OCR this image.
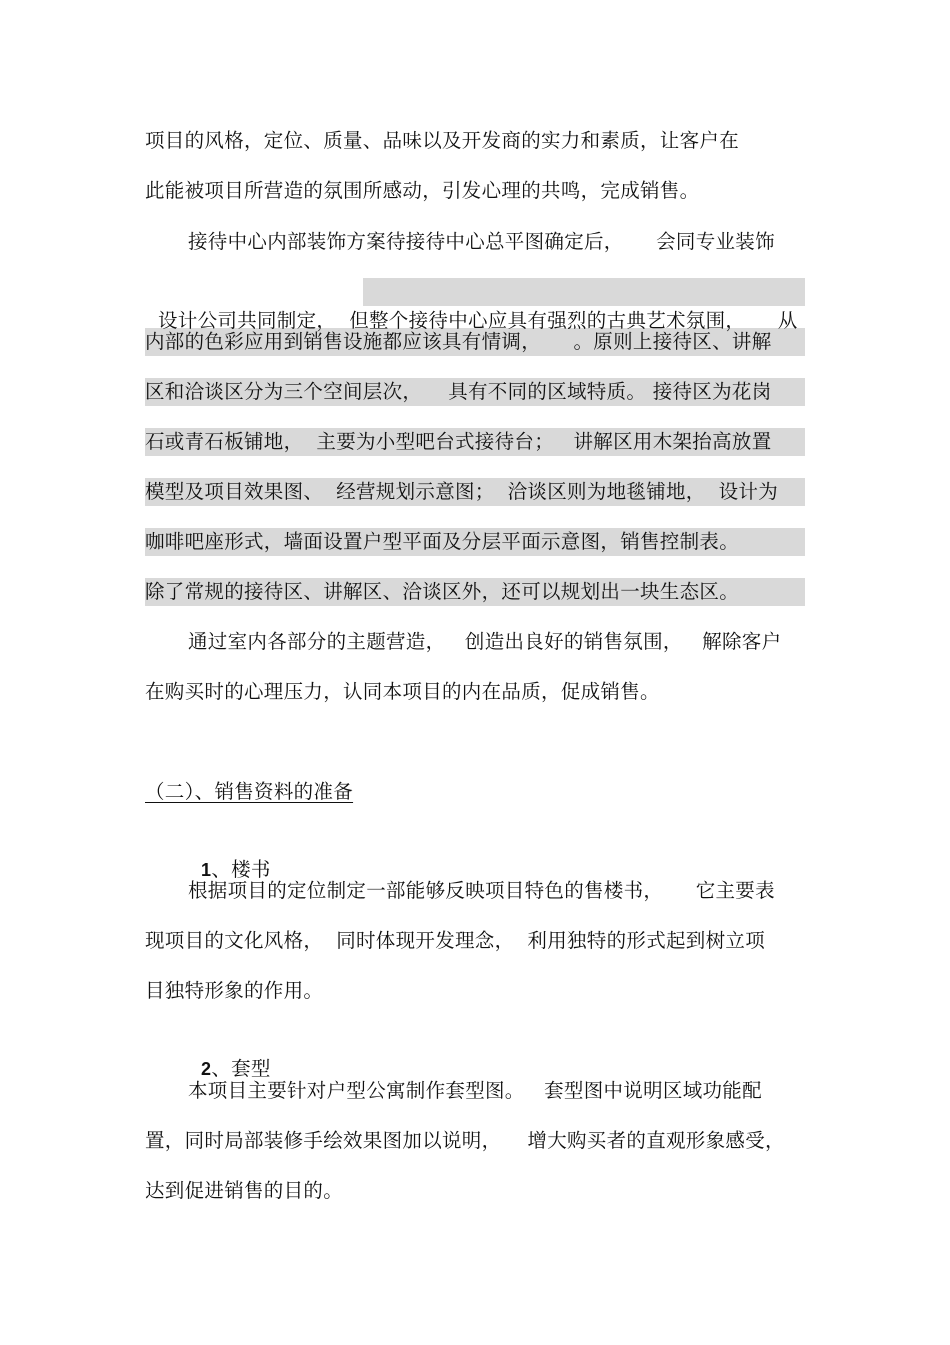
项目的风格，定位、质量、品味以及开发商的实力和素质，让客户在
此能被项目所营造的氛围所感动，引发心理的共鸣，完成销售。
接待中心内部装饰方案待接待中心总平图确定后，     会同专业装饰

设计公司共同制定，  但整个接待中心应具有强烈的古典艺术氛围，     从

内部的色彩应用到销售设施都应该具有情调，     。原则上接待区、讲解
区和洽谈区分为三个空间层次，    具有不同的区域特质。 接待区为花岗
石或青石板铺地，  主要为小型吧台式接待台；   讲解区用木架抬高放置
模型及项目效果图、  经营规划示意图；  洽谈区则为地毯铺地，  设计为
咖啡吧座形式，墙面设置户型平面及分层平面示意图，销售控制表。
除了常规的接待区、讲解区、洽谈区外，还可以规划出一块生态区。
通过室内各部分的主题营造，   创造出良好的销售氛围，   解除客户
在购买时的心理压力，认同本项目的内在品质，促成销售。
（二）、销售资料的准备

1、楼书

根据项目的定位制定一部能够反映项目特色的售楼书，     它主要表
现项目的文化风格，  同时体现开发理念，  利用独特的形式起到树立项
目独特形象的作用。

2、套型

本项目主要针对户型公寓制作套型图。   套型图中说明区域功能配
置，同时局部装修手绘效果图加以说明，    增大购买者的直观形象感受，
达到促进销售的目的。
